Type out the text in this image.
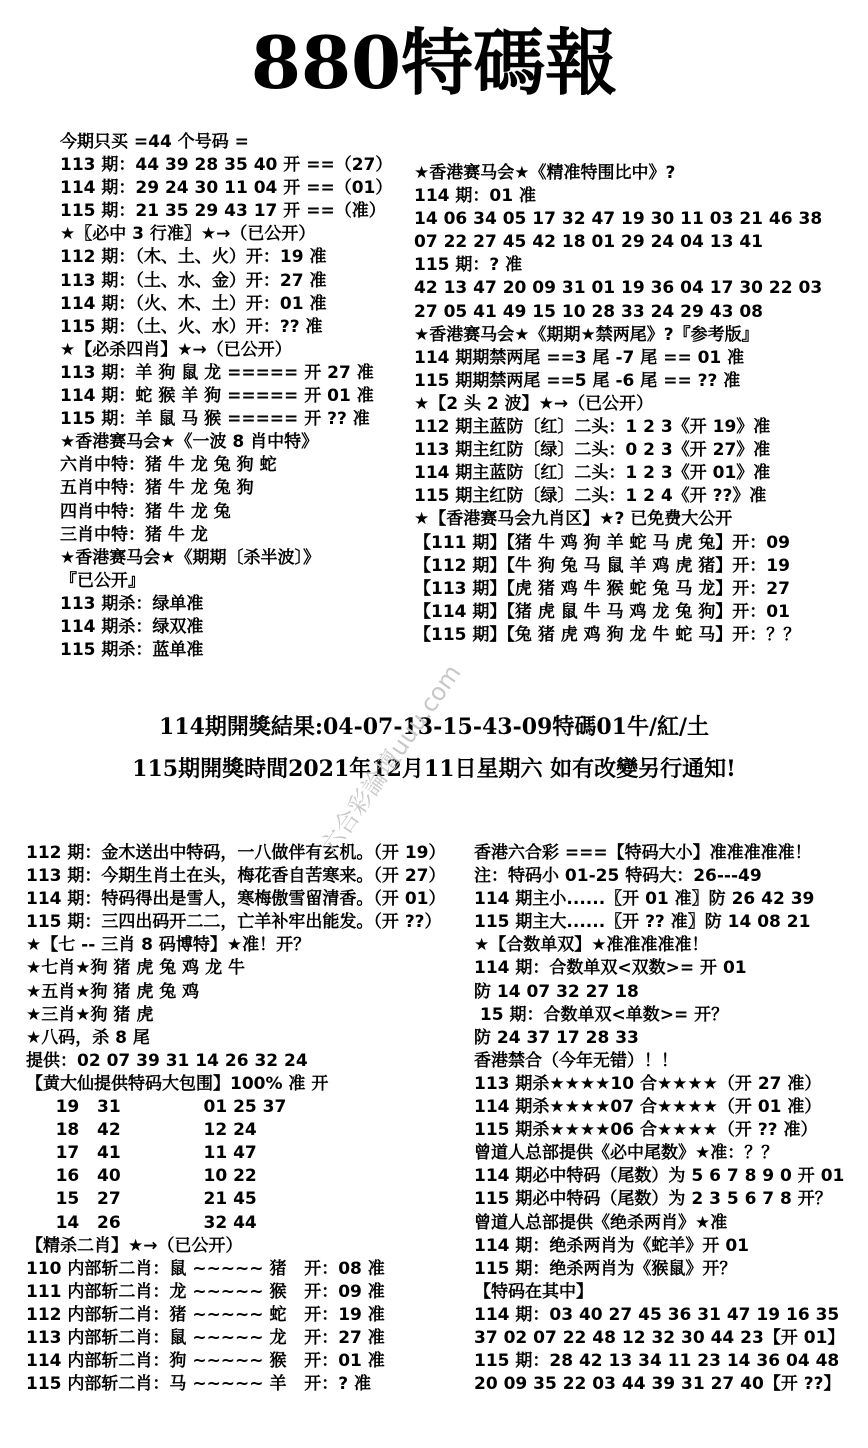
880特碼報
今期只买 =44 个号码 =
113 期：44 39 28 35 40 开 ==（27）
114 期：29 24 30 11 04 开 ==（01）
115 期：21 35 29 43 17 开 ==（准）
★〖必中 3 行准〗★→（已公开）
112 期：（木、土、火）开：19 准
113 期：（土、水、金）开：27 准
114 期：（火、木、土）开：01 准
115 期：（土、火、水）开：?? 准
★【必杀四肖】★→（已公开）
113 期：羊 狗 鼠 龙 ===== 开 27 准
114 期：蛇 猴 羊 狗 ===== 开 01 准
115 期：羊 鼠 马 猴 ===== 开 ?? 准
★香港赛马会★《一波 8 肖中特》
六肖中特：猪 牛 龙 兔 狗 蛇
五肖中特：猪 牛 龙 兔 狗
四肖中特：猪 牛 龙 兔
三肖中特：猪 牛 龙
★香港赛马会★《期期〔杀半波〕》
『已公开』
113 期杀：绿单准
114 期杀：绿双准
115 期杀：蓝单准
★香港赛马会★《精准特围比中》?
114 期：01 准
14 06 34 05 17 32 47 19 30 11 03 21 46 38
07 22 27 45 42 18 01 29 24 04 13 41
115 期：? 准
42 13 47 20 09 31 01 19 36 04 17 30 22 03
27 05 41 49 15 10 28 33 24 29 43 08
★香港赛马会★《期期★禁两尾》?『参考版』
114 期期禁两尾 ==3 尾 -7 尾 == 01 准
115 期期禁两尾 ==5 尾 -6 尾 == ?? 准
★【2 头 2 波】★→（已公开）
112 期主蓝防〔红〕二头：1 2 3《开 19》准
113 期主红防〔绿〕二头：0 2 3《开 27》准
114 期主蓝防〔红〕二头：1 2 3《开 01》准
115 期主红防〔绿〕二头：1 2 4《开 ??》准
★【香港赛马会九肖区】★? 已免费大公开
【111 期】【猪 牛 鸡 狗 羊 蛇 马 虎 兔】开：09
【112 期】【牛 狗 兔 马 鼠 羊 鸡 虎 猪】开：19
【113 期】【虎 猪 鸡 牛 猴 蛇 兔 马 龙】开：27
【114 期】【猪 虎 鼠 牛 马 鸡 龙 兔 狗】开：01
【115 期】【兔 猪 虎 鸡 狗 龙 牛 蛇 马】开：？？
114期開獎結果:04-07-13-15-43-09特碼01牛/紅/土
115期開獎時間2021年12月11日星期六 如有改變另行通知!
112 期：金木送出中特码，一八做伴有玄机。（开 19）
113 期：今期生肖土在头，梅花香自苦寒来。（开 27）
114 期：特码得出是雪人，寒梅傲雪留清香。（开 01）
115 期：三四出码开二二，亡羊补牢出能发。（开 ??）
★【七 -- 三肖 8 码博特】★准！开？
★七肖★狗 猪 虎 兔 鸡 龙 牛
★五肖★狗 猪 虎 兔 鸡
★三肖★狗 猪 虎
★八码，杀 8 尾
提供：02 07 39 31 14 26 32 24
【黄大仙提供特码大包围】100% 准 开
19   31              01 25 37
18   42              12 24
17   41              11 47
16   40              10 22
15   27              21 45
14   26              32 44
【精杀二肖】★→（已公开）
110 内部斩二肖：鼠 ~~~~~ 猪   开：08 准
111 内部斩二肖：龙 ~~~~~ 猴   开：09 准
112 内部斩二肖：猪 ~~~~~ 蛇   开：19 准
113 内部斩二肖：鼠 ~~~~~ 龙   开：27 准
114 内部斩二肖：狗 ~~~~~ 猴   开：01 准
115 内部斩二肖：马 ~~~~~ 羊   开：? 准
香港六合彩 ===【特码大小】准准准准准！
注：特码小 01-25 特码大：26---49
114 期主小......〖开 01 准〗防 26 42 39
115 期主大......〖开 ?? 准〗防 14 08 21
★【合数单双】★准准准准准！
114 期：合数单双<双数>= 开 01
防 14 07 32 27 18
15 期：合数单双<单数>= 开？
防 24 37 17 28 33
香港禁合（今年无错）！！
113 期杀★★★★10 合★★★★（开 27 准）
114 期杀★★★★07 合★★★★（开 01 准）
115 期杀★★★★06 合★★★★（开 ?? 准）
曾道人总部提供《必中尾数》★准：？？
114 期必中特码（尾数）为 5 6 7 8 9 0 开 01
115 期必中特码（尾数）为 2 3 5 6 7 8 开？
曾道人总部提供《绝杀两肖》★准
114 期：绝杀两肖为《蛇羊》开 01
115 期：绝杀两肖为《猴鼠》开？
【特码在其中】
114 期：03 40 27 45 36 31 47 19 16 35
37 02 07 22 48 12 32 30 44 23【开 01】
115 期：28 42 13 34 11 23 14 36 04 48
20 09 35 22 03 44 39 31 27 40【开 ??】
六合彩論壇uuu.com
